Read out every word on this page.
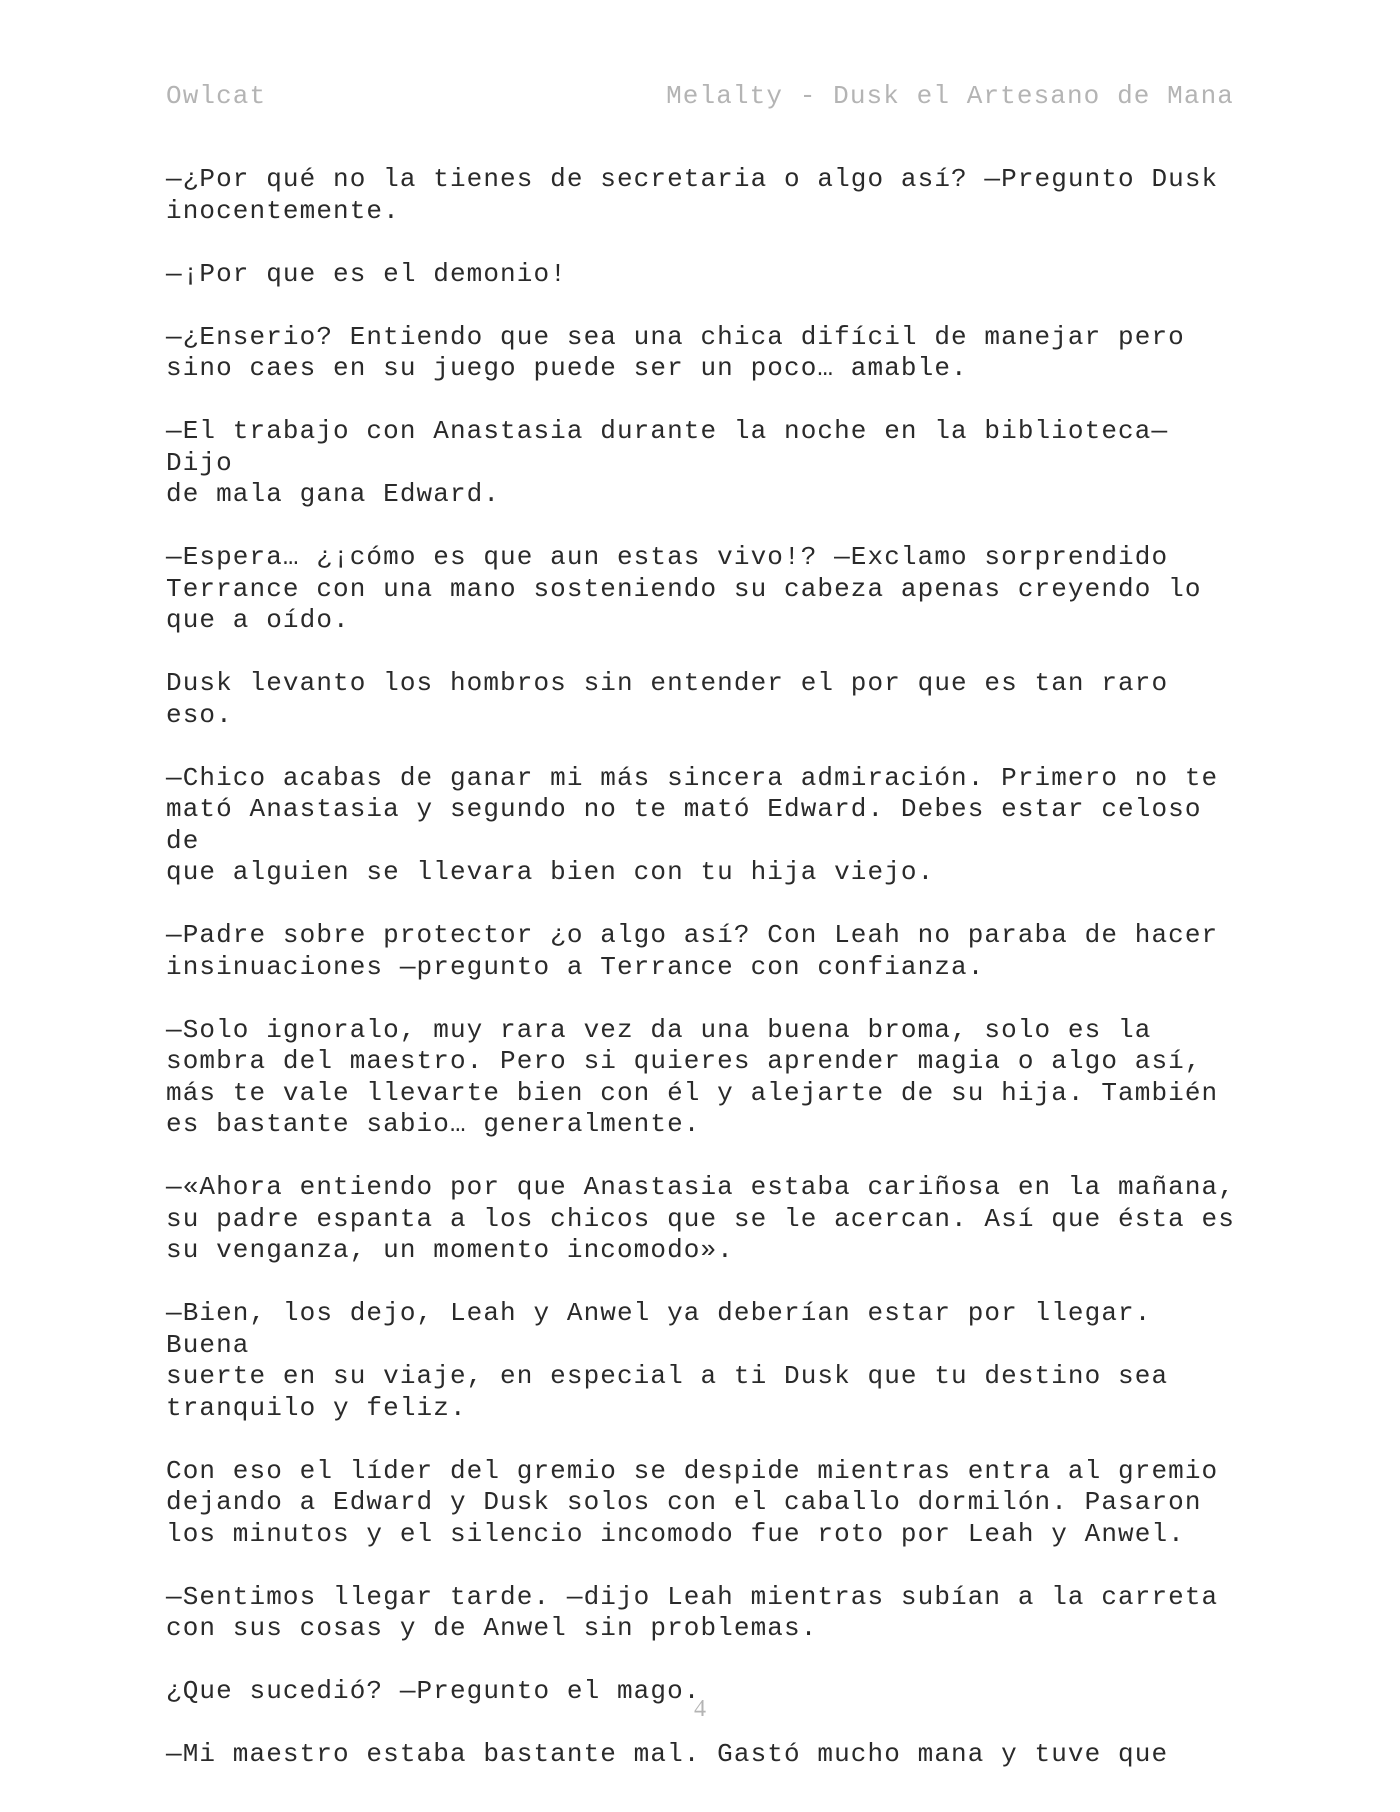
Owlcat	Melalty - Dusk el Artesano de Mana

—¿Por qué no la tienes de secretaria o algo así? —Pregunto Dusk
inocentemente.

—¡Por que es el demonio!

—¿Enserio? Entiendo que sea una chica difícil de manejar pero
sino caes en su juego puede ser un poco… amable.

—El trabajo con Anastasia durante la noche en la biblioteca— Dijo
de mala gana Edward.

—Espera… ¿¡cómo es que aun estas vivo!? —Exclamo sorprendido
Terrance con una mano sosteniendo su cabeza apenas creyendo lo
que a oído.

Dusk levanto los hombros sin entender el por que es tan raro eso.

—Chico acabas de ganar mi más sincera admiración. Primero no te
mató Anastasia y segundo no te mató Edward. Debes estar celoso de
que alguien se llevara bien con tu hija viejo.

—Padre sobre protector ¿o algo así? Con Leah no paraba de hacer
insinuaciones —pregunto a Terrance con confianza.

—Solo ignoralo, muy rara vez da una buena broma, solo es la
sombra del maestro. Pero si quieres aprender magia o algo así,
más te vale llevarte bien con él y alejarte de su hija. También
es bastante sabio… generalmente.

—«Ahora entiendo por que Anastasia estaba cariñosa en la mañana,
su padre espanta a los chicos que se le acercan. Así que ésta es
su venganza, un momento incomodo».

—Bien, los dejo, Leah y Anwel ya deberían estar por llegar. Buena
suerte en su viaje, en especial a ti Dusk que tu destino sea
tranquilo y feliz.

Con eso el líder del gremio se despide mientras entra al gremio
dejando a Edward y Dusk solos con el caballo dormilón. Pasaron
los minutos y el silencio incomodo fue roto por Leah y Anwel.

—Sentimos llegar tarde. —dijo Leah mientras subían a la carreta
con sus cosas y de Anwel sin problemas.

¿Que sucedió? —Pregunto el mago.

—Mi maestro estaba bastante mal. Gastó mucho mana y tuve que

4
